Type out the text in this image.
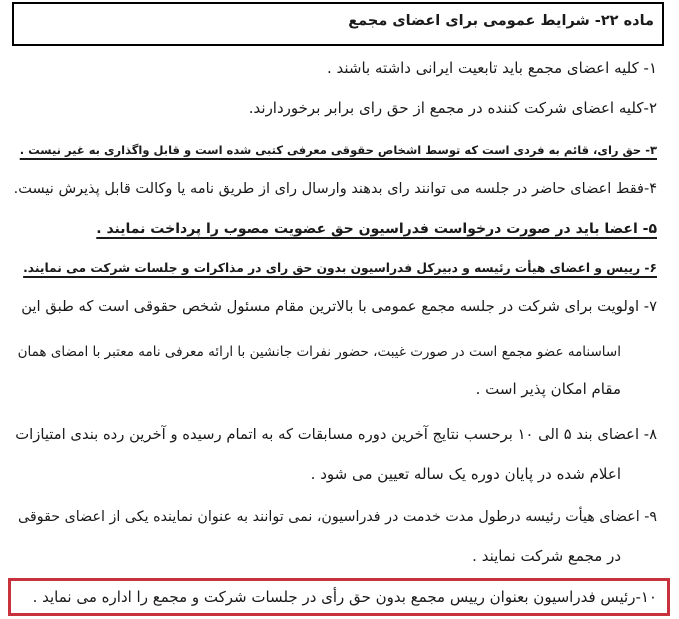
ماده ۲۲- شرایط عمومی برای اعضای مجمع
۱- کلیه اعضای مجمع باید تابعیت ایرانی داشته باشند .
۲-کلیه اعضای شرکت کننده در مجمع از حق رای برابر برخوردارند.
۳- حق رای، قائم به فردی است که توسط اشخاص حقوقی معرفی کتبی شده است و قابل واگذاری به غیر نیست .
۴-فقط اعضای حاضر در جلسه می توانند رای بدهند وارسال رای از طریق نامه یا وکالت قابل پذیرش نیست.
۵- اعضا باید در صورت درخواست فدراسیون حق عضویت مصوب را پرداخت نمایند .
۶- رییس و اعضای هیأت رئیسه و دبیرکل فدراسیون بدون حق رای در مذاکرات و جلسات شرکت می نمایند.
۷- اولویت برای شرکت در جلسه مجمع عمومی با بالاترین مقام مسئول شخص حقوقی است که طبق این
اساسنامه عضو مجمع است در صورت غیبت، حضور نفرات جانشین با ارائه معرفی نامه معتبر با امضای همان
مقام امکان پذیر است .
۸- اعضای بند ۵ الی ۱۰ برحسب نتایج آخرین دوره مسابقات که به اتمام رسیده و آخرین رده بندی امتیازات
اعلام شده در پایان دوره یک ساله تعیین می شود .
۹- اعضای هیأت رئیسه درطول مدت خدمت در فدراسیون، نمی توانند به عنوان نماینده یکی از اعضای حقوقی
در مجمع شرکت نمایند .
۱۰-رئیس فدراسیون بعنوان رییس مجمع بدون حق رأی در جلسات شرکت و مجمع را اداره می نماید .
